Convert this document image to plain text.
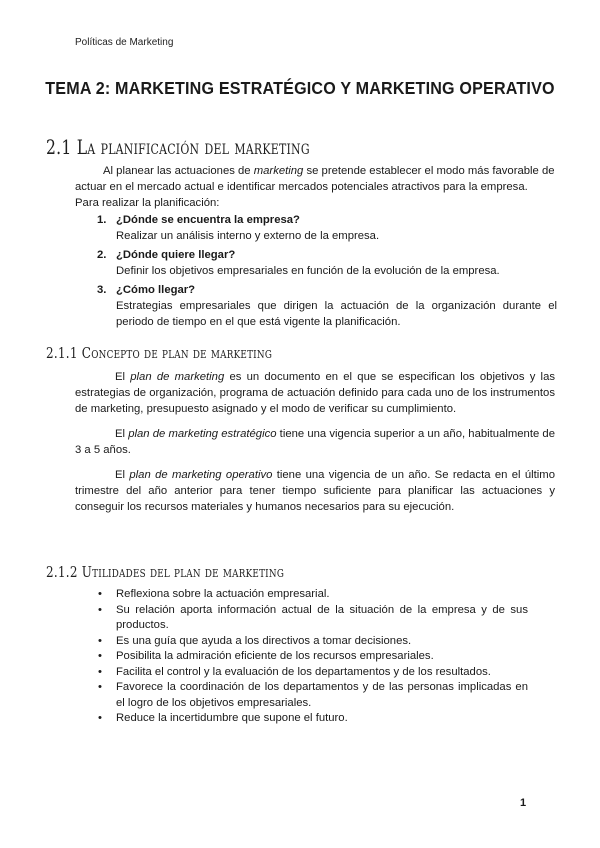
Políticas de Marketing
TEMA 2: MARKETING ESTRATÉGICO Y MARKETING OPERATIVO
2.1 La planificación del marketing

Al planear las actuaciones de marketing se pretende establecer el modo más favorable de actuar en el mercado actual e identificar mercados potenciales atractivos para la empresa.

Para realizar la planificación:

1. ¿Dónde se encuentra la empresa?
Realizar un análisis interno y externo de la empresa.
2. ¿Dónde quiere llegar?
Definir los objetivos empresariales en función de la evolución de la empresa.
3. ¿Cómo llegar?
Estrategias empresariales que dirigen la actuación de la organización durante el periodo de tiempo en el que está vigente la planificación.
2.1.1 Concepto de plan de marketing

El plan de marketing es un documento en el que se especifican los objetivos y las estrategias de organización, programa de actuación definido para cada uno de los instrumentos de marketing, presupuesto asignado y el modo de verificar su cumplimiento.

El plan de marketing estratégico tiene una vigencia superior a un año, habitualmente de 3 a 5 años.

El plan de marketing operativo tiene una vigencia de un año. Se redacta en el último trimestre del año anterior para tener tiempo suficiente para planificar las actuaciones y conseguir los recursos materiales y humanos necesarios para su ejecución.

2.1.2 Utilidades del plan de marketing
• Reflexiona sobre la actuación empresarial.
• Su relación aporta información actual de la situación de la empresa y de sus productos.
• Es una guía que ayuda a los directivos a tomar decisiones.
• Posibilita la admiración eficiente de los recursos empresariales.
• Facilita el control y la evaluación de los departamentos y de los resultados.
• Favorece la coordinación de los departamentos y de las personas implicadas en el logro de los objetivos empresariales.
• Reduce la incertidumbre que supone el futuro.
1
